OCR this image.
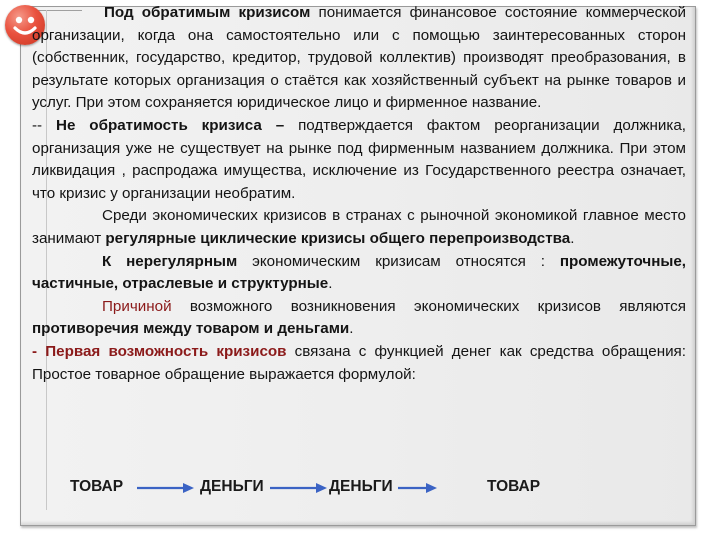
Под обратимым кризисом понимается финансовое состояние коммерческой организации, когда она самостоятельно или с помощью заинтересованных сторон (собственник, государство, кредитор, трудовой коллектив) производят преобразования, в результате которых организация о стаётся как хозяйственный субъект на рынке товаров и услуг. При этом сохраняется юридическое лицо и фирменное название.

-- Не обратимость кризиса – подтверждается фактом реорганизации должника, организация уже не существует на рынке под фирменным названием должника. При этом ликвидация , распродажа имущества, исключение из Государственного реестра означает, что кризис у организации необратим.

Среди экономических кризисов в странах с рыночной экономикой главное место занимают регулярные циклические кризисы общего перепроизводства.

К нерегулярным экономическим кризисам относятся : промежуточные, частичные, отраслевые и структурные.

Причиной возможного возникновения экономических кризисов являются противоречия между товаром и деньгами.

- Первая возможность кризисов связана с функцией денег как средства обращения: Простое товарное обращение выражается формулой:

ТОВАР	ДЕНЬГИ	ДЕНЬГИ	ТОВАР
